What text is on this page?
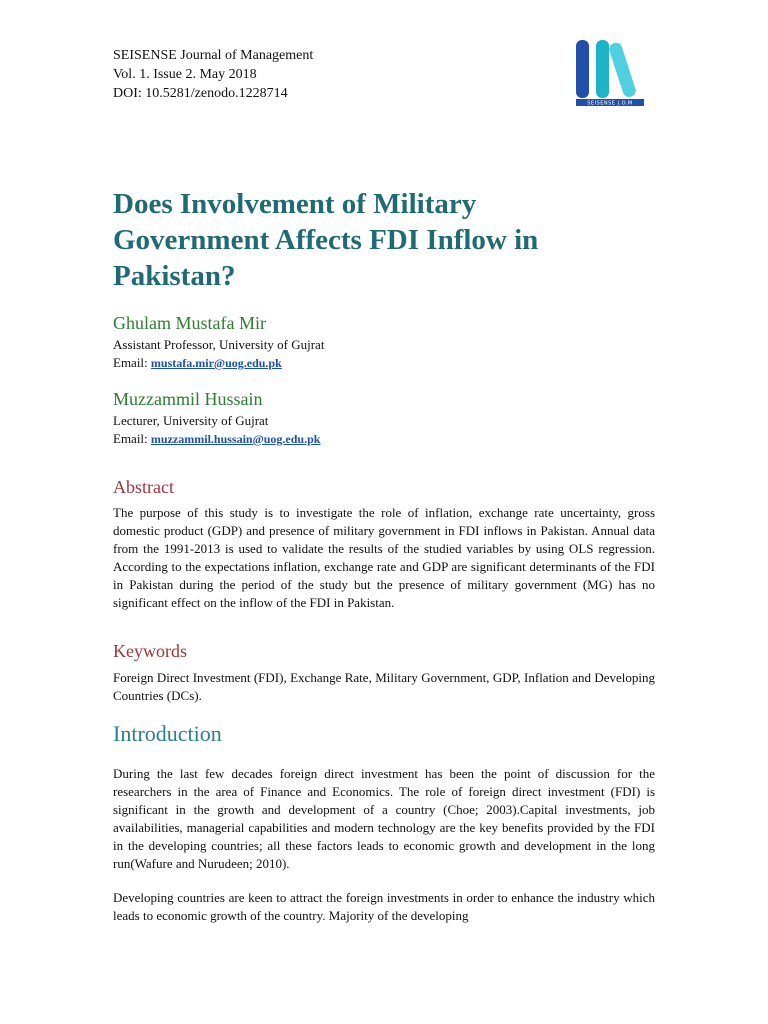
SEISENSE Journal of Management
Vol. 1. Issue 2. May 2018
DOI: 10.5281/zenodo.1228714
SEISENSE J.O.M
Does Involvement of Military Government Affects FDI Inflow in Pakistan?
Ghulam Mustafa Mir
Assistant Professor, University of Gujrat
Email: mustafa.mir@uog.edu.pk
Muzzammil Hussain
Lecturer, University of Gujrat
Email: muzzammil.hussain@uog.edu.pk
Abstract

The purpose of this study is to investigate the role of inflation, exchange rate uncertainty, gross domestic product (GDP) and presence of military government in FDI inflows in Pakistan. Annual data from the 1991-2013 is used to validate the results of the studied variables by using OLS regression. According to the expectations inflation, exchange rate and GDP are significant determinants of the FDI in Pakistan during the period of the study but the presence of military government (MG) has no significant effect on the inflow of the FDI in Pakistan.

Keywords

Foreign Direct Investment (FDI), Exchange Rate, Military Government, GDP, Inflation and Developing Countries (DCs).

Introduction

During the last few decades foreign direct investment has been the point of discussion for the researchers in the area of Finance and Economics. The role of foreign direct investment (FDI) is significant in the growth and development of a country (Choe; 2003).Capital investments, job availabilities, managerial capabilities and modern technology are the key benefits provided by the FDI in the developing countries; all these factors leads to economic growth and development in the long run(Wafure and Nurudeen; 2010).

Developing countries are keen to attract the foreign investments in order to enhance the industry which leads to economic growth of the country. Majority of the developing
